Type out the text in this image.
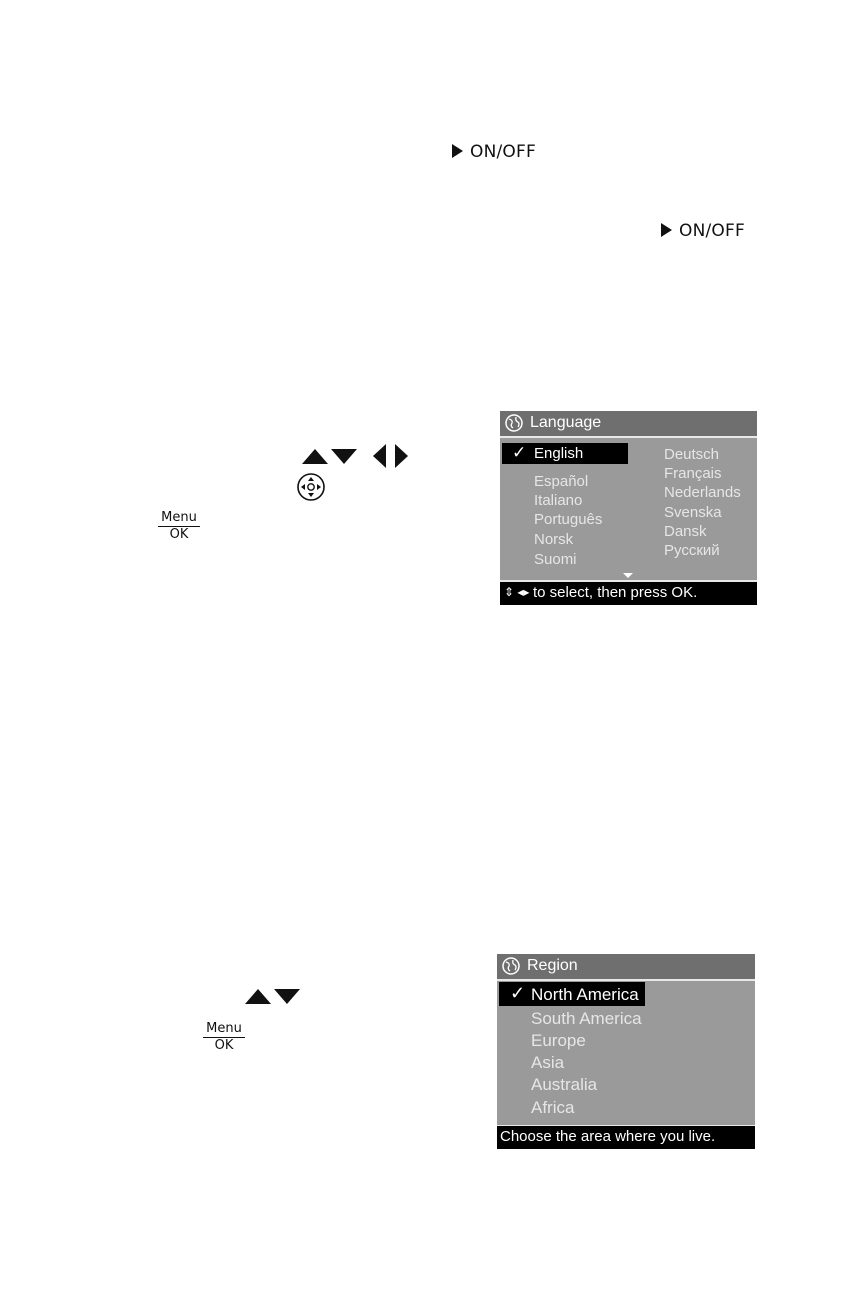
ON/OFF
ON/OFF
Menu
OK
Language
✓ English
Español
Italiano
Português
Norsk
Suomi
Deutsch
Français
Nederlands
Svenska
Dansk
Русский
⇕ ◂▸ to select, then press OK.
Menu
OK
Region
✓ North America
South America
Europe
Asia
Australia
Africa
Choose the area where you live.
